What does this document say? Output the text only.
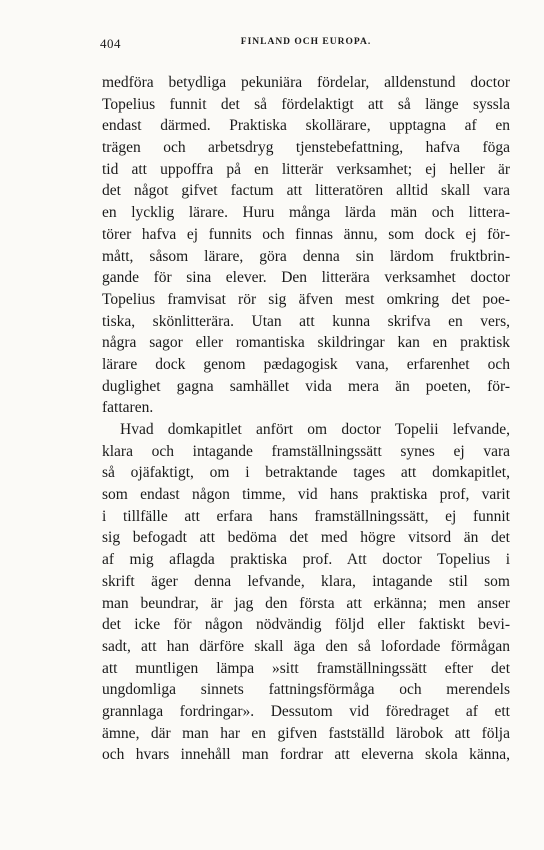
404	FINLAND OCH EUROPA.
medföra betydliga pekuniära fördelar, alldenstund doctor
Topelius funnit det så fördelaktigt att så länge syssla
endast därmed. Praktiska skollärare, upptagna af en
trägen och arbetsdryg tjenstebefattning, hafva föga
tid att uppoffra på en litterär verksamhet; ej heller är
det något gifvet factum att litteratören alltid skall vara
en lycklig lärare. Huru många lärda män och littera-
törer hafva ej funnits och finnas ännu, som dock ej för-
mått, såsom lärare, göra denna sin lärdom fruktbrin-
gande för sina elever. Den litterära verksamhet doctor
Topelius framvisat rör sig äfven mest omkring det poe-
tiska, skönlitterära. Utan att kunna skrifva en vers,
några sagor eller romantiska skildringar kan en praktisk
lärare dock genom pædagogisk vana, erfarenhet och
duglighet gagna samhället vida mera än poeten, för-
fattaren.
Hvad domkapitlet anfört om doctor Topelii lefvande,
klara och intagande framställningssätt synes ej vara
så ojäfaktigt, om i betraktande tages att domkapitlet,
som endast någon timme, vid hans praktiska prof, varit
i tillfälle att erfara hans framställningssätt, ej funnit
sig befogadt att bedöma det med högre vitsord än det
af mig aflagda praktiska prof. Att doctor Topelius i
skrift äger denna lefvande, klara, intagande stil som
man beundrar, är jag den första att erkänna; men anser
det icke för någon nödvändig följd eller faktiskt bevi-
sadt, att han därföre skall äga den så lofordade förmågan
att muntligen lämpa »sitt framställningssätt efter det
ungdomliga sinnets fattningsförmåga och merendels
grannlaga fordringar». Dessutom vid föredraget af ett
ämne, där man har en gifven fastställd lärobok att följa
och hvars innehåll man fordrar att eleverna skola känna,
